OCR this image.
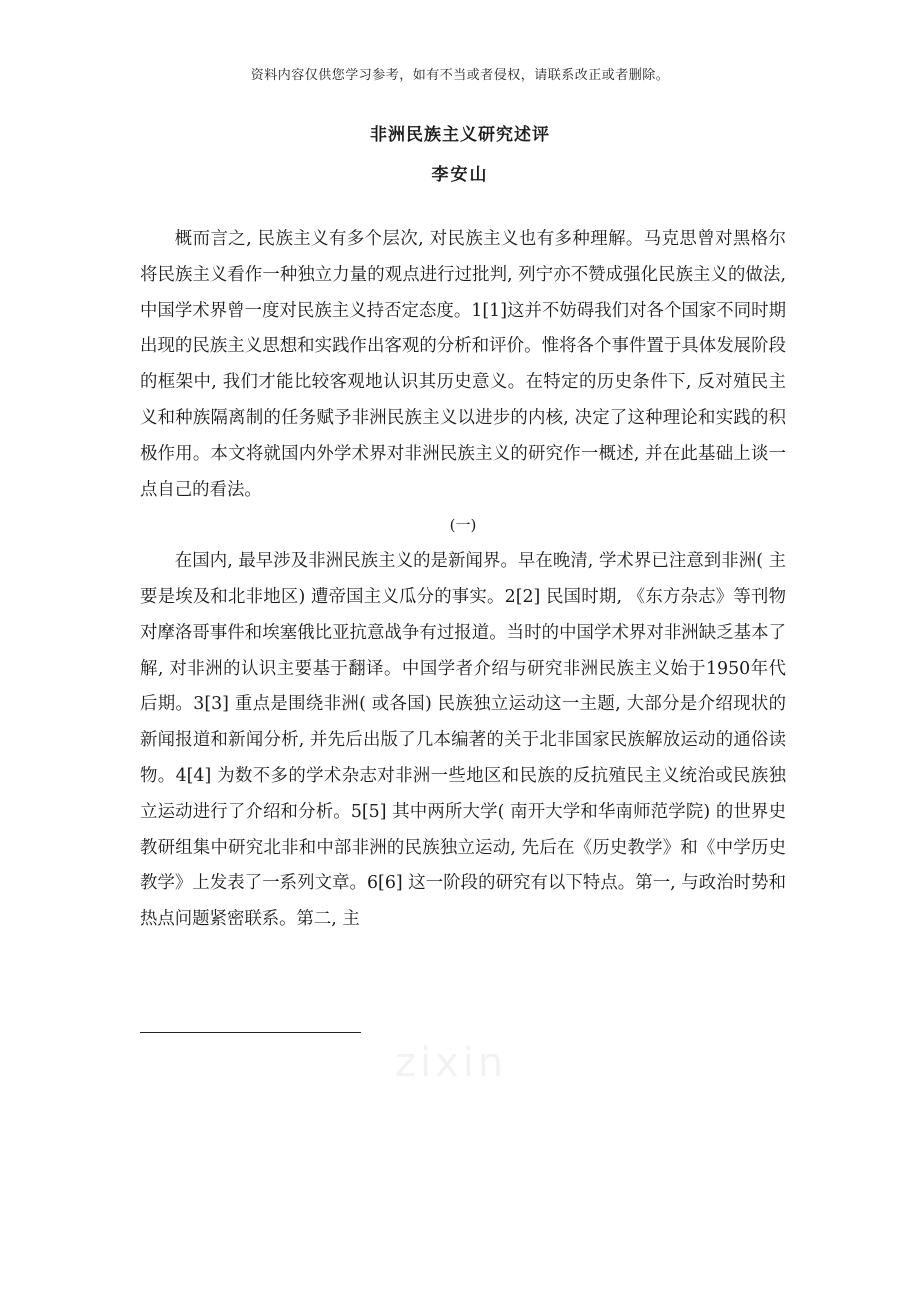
资料内容仅供您学习参考，如有不当或者侵权，请联系改正或者删除。
非洲民族主义研究述评
李安山

概而言之, 民族主义有多个层次, 对民族主义也有多种理解。马克思曾对黑格尔将民族主义看作一种独立力量的观点进行过批判, 列宁亦不赞成强化民族主义的做法, 中国学术界曾一度对民族主义持否定态度。1[1]这并不妨碍我们对各个国家不同时期出现的民族主义思想和实践作出客观的分析和评价。惟将各个事件置于具体发展阶段的框架中, 我们才能比较客观地认识其历史意义。在特定的历史条件下, 反对殖民主义和种族隔离制的任务赋予非洲民族主义以进步的内核, 决定了这种理论和实践的积极作用。本文将就国内外学术界对非洲民族主义的研究作一概述, 并在此基础上谈一点自己的看法。

(一)

在国内, 最早涉及非洲民族主义的是新闻界。早在晚清, 学术界已注意到非洲( 主要是埃及和北非地区) 遭帝国主义瓜分的事实。2[2] 民国时期, 《东方杂志》等刊物对摩洛哥事件和埃塞俄比亚抗意战争有过报道。当时的中国学术界对非洲缺乏基本了解, 对非洲的认识主要基于翻译。中国学者介绍与研究非洲民族主义始于1950年代后期。3[3] 重点是围绕非洲( 或各国) 民族独立运动这一主题, 大部分是介绍现状的新闻报道和新闻分析, 并先后出版了几本编著的关于北非国家民族解放运动的通俗读物。4[4] 为数不多的学术杂志对非洲一些地区和民族的反抗殖民主义统治或民族独立运动进行了介绍和分析。5[5] 其中两所大学( 南开大学和华南师范学院) 的世界史教研组集中研究北非和中部非洲的民族独立运动, 先后在《历史教学》和《中学历史教学》上发表了一系列文章。6[6] 这一阶段的研究有以下特点。第一, 与政治时势和热点问题紧密联系。第二, 主

zixin
